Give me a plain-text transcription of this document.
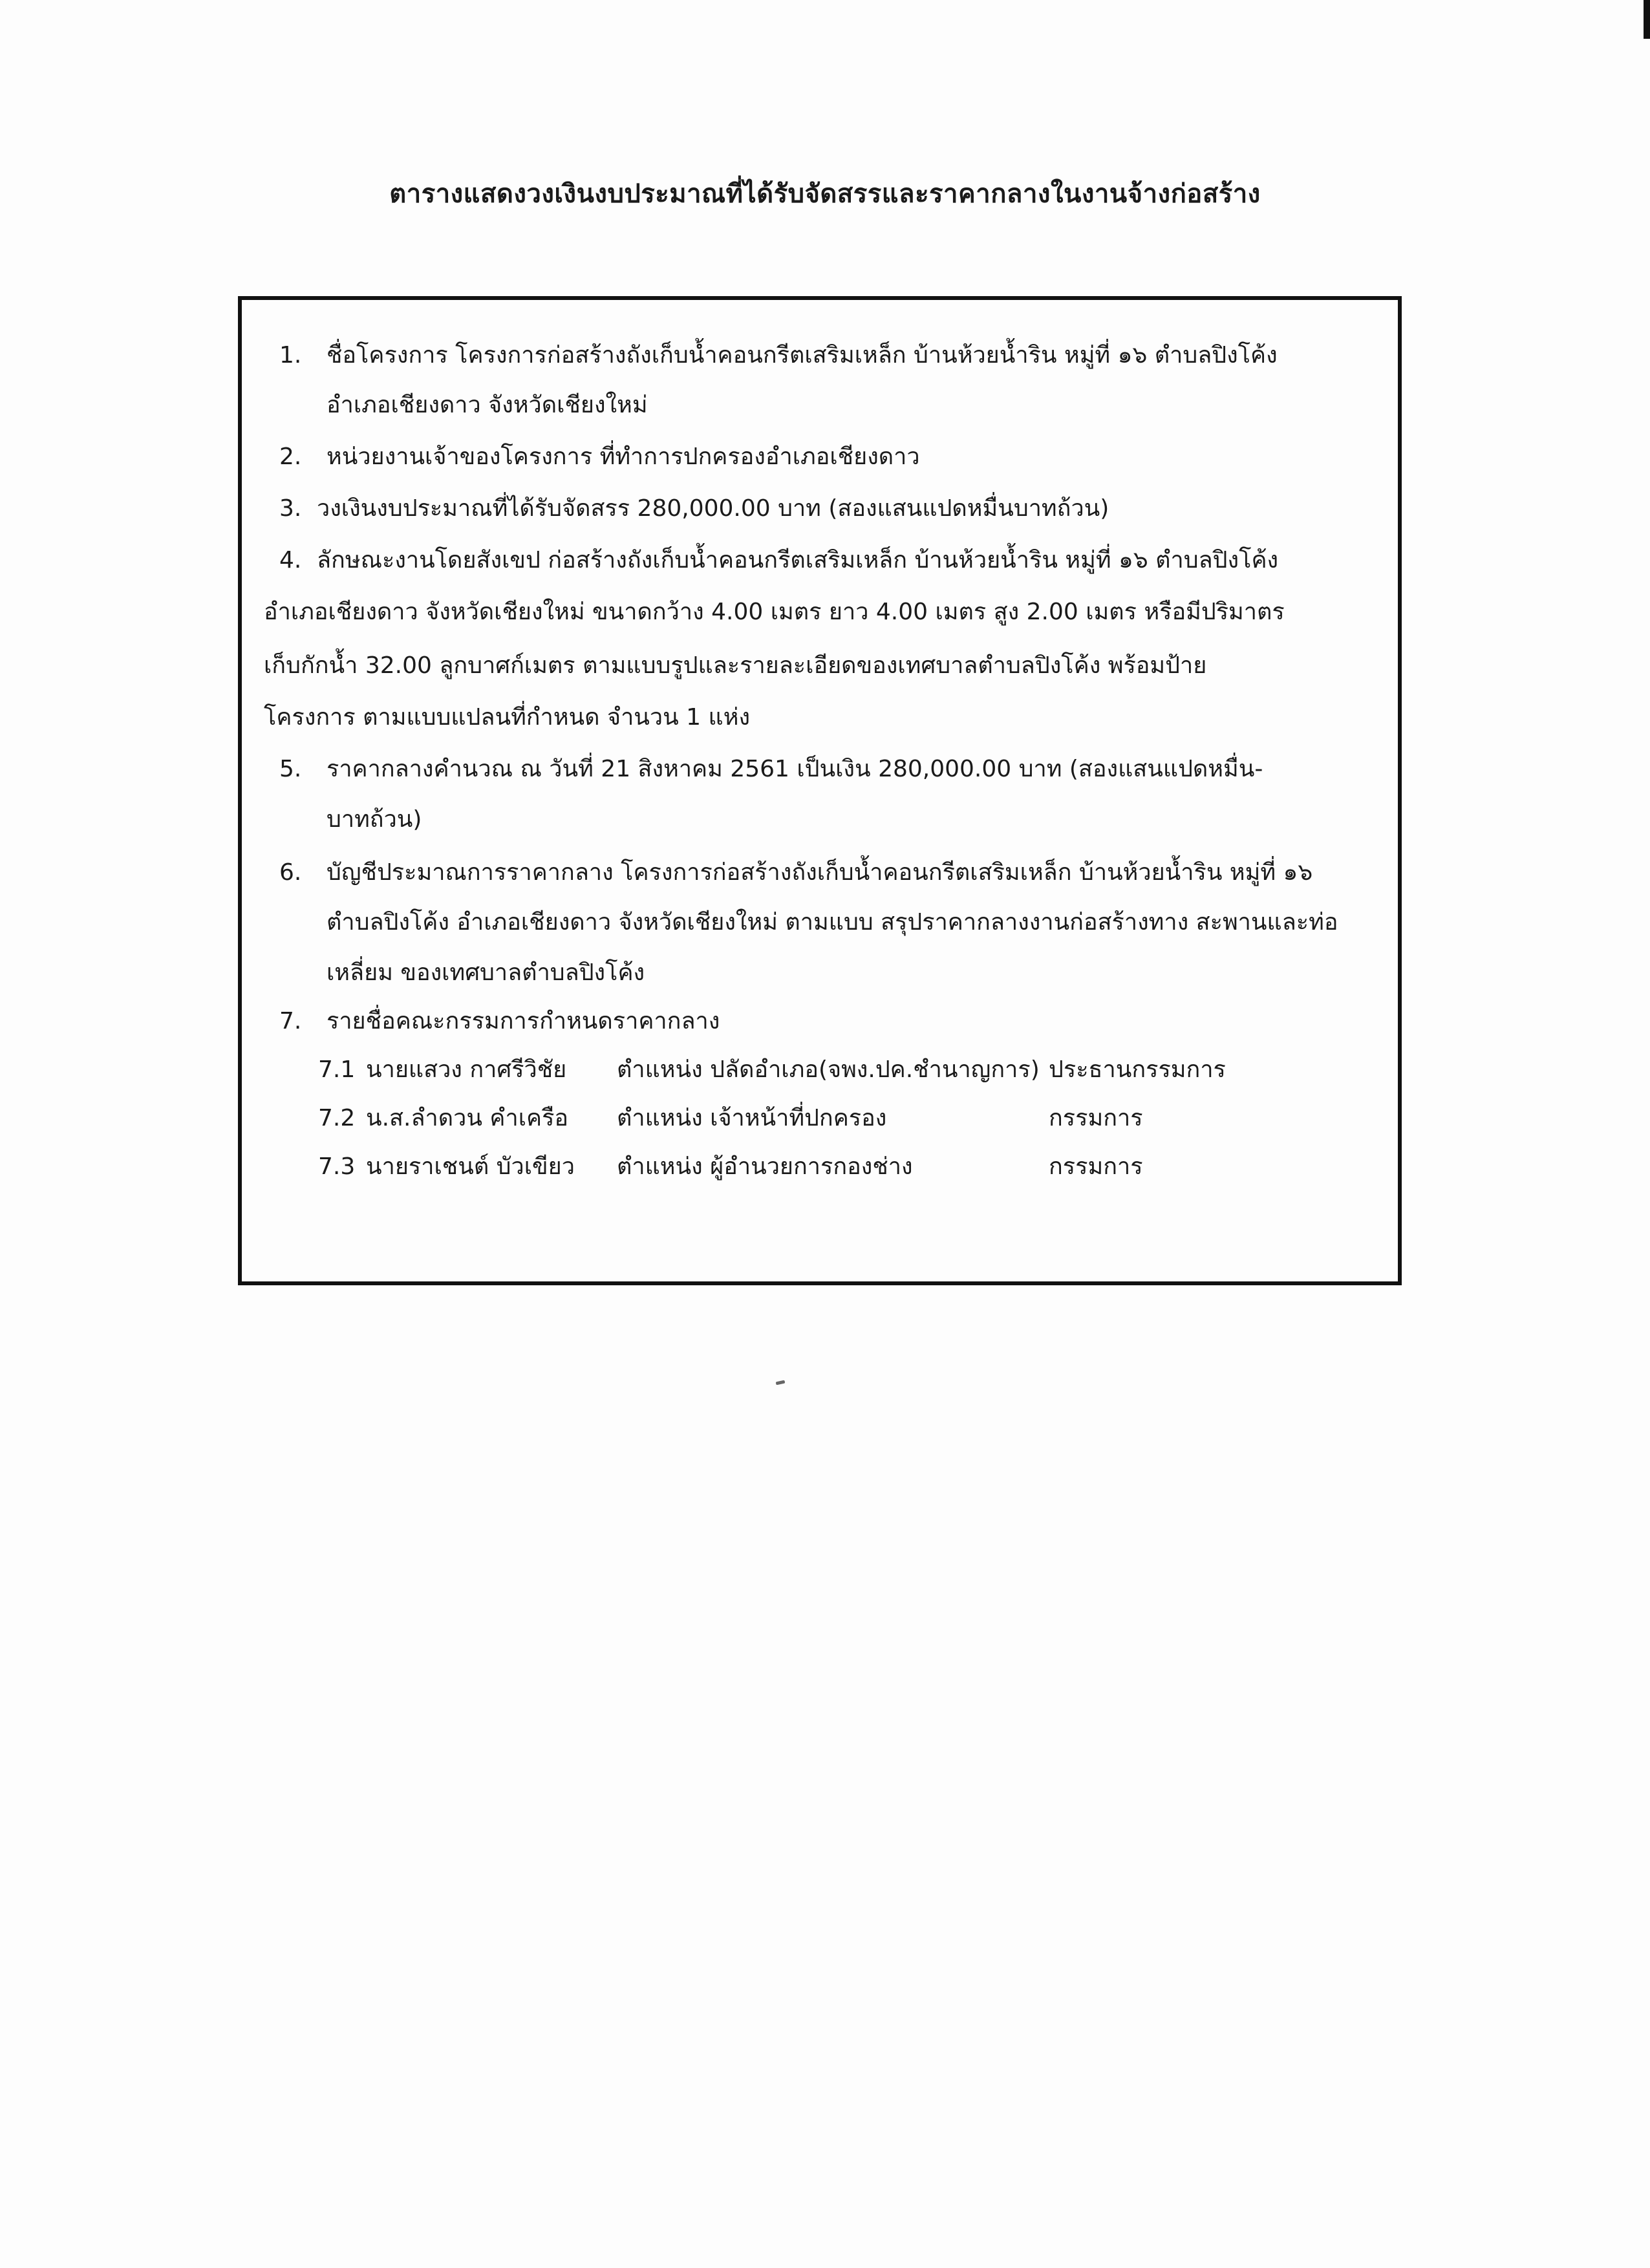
ตารางแสดงวงเงินงบประมาณที่ได้รับจัดสรรและราคากลางในงานจ้างก่อสร้าง
1. ชื่อโครงการ โครงการก่อสร้างถังเก็บน้ำคอนกรีตเสริมเหล็ก บ้านห้วยน้ำริน หมู่ที่ ๑๖ ตำบลปิงโค้ง
อำเภอเชียงดาว จังหวัดเชียงใหม่
2. หน่วยงานเจ้าของโครงการ ที่ทำการปกครองอำเภอเชียงดาว
3. วงเงินงบประมาณที่ได้รับจัดสรร 280,000.00 บาท (สองแสนแปดหมื่นบาทถ้วน)
4. ลักษณะงานโดยสังเขป ก่อสร้างถังเก็บน้ำคอนกรีตเสริมเหล็ก บ้านห้วยน้ำริน หมู่ที่ ๑๖ ตำบลปิงโค้ง
อำเภอเชียงดาว จังหวัดเชียงใหม่ ขนาดกว้าง 4.00 เมตร ยาว 4.00 เมตร สูง 2.00 เมตร หรือมีปริมาตร
เก็บกักน้ำ 32.00 ลูกบาศก์เมตร ตามแบบรูปและรายละเอียดของเทศบาลตำบลปิงโค้ง พร้อมป้าย
โครงการ ตามแบบแปลนที่กำหนด จำนวน 1 แห่ง
5. ราคากลางคำนวณ ณ วันที่ 21 สิงหาคม 2561 เป็นเงิน 280,000.00 บาท (สองแสนแปดหมื่น-
บาทถ้วน)
6. บัญชีประมาณการราคากลาง โครงการก่อสร้างถังเก็บน้ำคอนกรีตเสริมเหล็ก บ้านห้วยน้ำริน หมู่ที่ ๑๖
ตำบลปิงโค้ง อำเภอเชียงดาว จังหวัดเชียงใหม่ ตามแบบ สรุปราคากลางงานก่อสร้างทาง สะพานและท่อ
เหลี่ยม ของเทศบาลตำบลปิงโค้ง
7. รายชื่อคณะกรรมการกำหนดราคากลาง
7.1 นายแสวง กาศรีวิชัย ตำแหน่ง ปลัดอำเภอ(จพง.ปค.ชำนาญการ) ประธานกรรมการ
7.2 น.ส.ลำดวน คำเครือ ตำแหน่ง เจ้าหน้าที่ปกครอง	กรรมการ
7.3 นายราเชนต์ บัวเขียว ตำแหน่ง ผู้อำนวยการกองช่าง	กรรมการ
